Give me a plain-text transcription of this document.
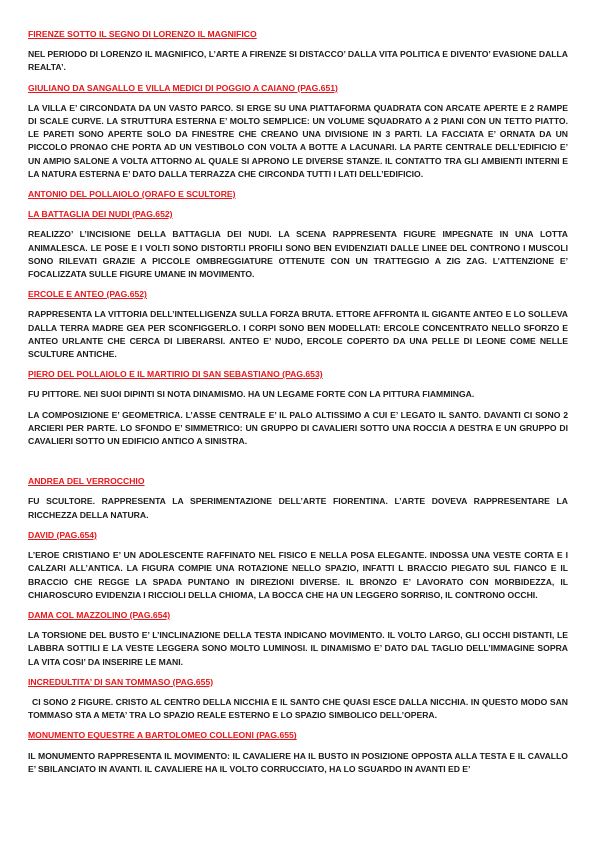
FIRENZE SOTTO IL SEGNO DI LORENZO IL MAGNIFICO
NEL PERIODO DI LORENZO IL MAGNIFICO, L’ARTE A FIRENZE SI DISTACCO’ DALLA VITA POLITICA E DIVENTO’ EVASIONE DALLA REALTA’.
GIULIANO DA SANGALLO E VILLA MEDICI DI POGGIO A CAIANO (PAG.651)
LA VILLA E’ CIRCONDATA DA UN VASTO PARCO. SI ERGE SU UNA PIATTAFORMA QUADRATA CON ARCATE APERTE E 2 RAMPE DI SCALE CURVE. LA STRUTTURA ESTERNA E’ MOLTO SEMPLICE: UN VOLUME SQUADRATO A 2 PIANI CON UN TETTO PIATTO. LE PARETI SONO APERTE SOLO DA FINESTRE CHE CREANO UNA DIVISIONE IN 3 PARTI. LA FACCIATA E’ ORNATA DA UN PICCOLO PRONAO CHE PORTA AD UN VESTIBOLO CON VOLTA A BOTTE A LACUNARI. LA PARTE CENTRALE DELL’EDIFICIO E’ UN AMPIO SALONE A VOLTA ATTORNO AL QUALE SI APRONO LE DIVERSE STANZE. IL CONTATTO TRA GLI AMBIENTI INTERNI E LA NATURA ESTERNA E’ DATO DALLA TERRAZZA CHE CIRCONDA TUTTI I LATI DELL’EDIFICIO.
ANTONIO DEL POLLAIOLO (ORAFO E SCULTORE)
LA BATTAGLIA DEI NUDI (PAG.652)
REALIZZO’ L’INCISIONE DELLA BATTAGLIA DEI NUDI. LA SCENA RAPPRESENTA FIGURE IMPEGNATE IN UNA LOTTA ANIMALESCA. LE POSE E I VOLTI SONO DISTORTI.I PROFILI SONO BEN EVIDENZIATI DALLE LINEE DEL CONTRONO I MUSCOLI SONO RILEVATI GRAZIE A PICCOLE OMBREGGIATURE OTTENUTE CON UN TRATTEGGIO A ZIG ZAG. L’ATTENZIONE E’ FOCALIZZATA SULLE FIGURE UMANE IN MOVIMENTO.
ERCOLE E ANTEO (PAG.652)
RAPPRESENTA LA VITTORIA DELL’INTELLIGENZA SULLA FORZA BRUTA. ETTORE AFFRONTA IL GIGANTE ANTEO E LO SOLLEVA DALLA TERRA MADRE GEA PER SCONFIGGERLO. I CORPI SONO BEN MODELLATI: ERCOLE CONCENTRATO NELLO SFORZO E ANTEO URLANTE CHE CERCA DI LIBERARSI. ANTEO E’ NUDO, ERCOLE COPERTO DA UNA PELLE DI LEONE COME NELLE SCULTURE ANTICHE.
PIERO DEL POLLAIOLO E IL MARTIRIO DI SAN SEBASTIANO (PAG.653)
FU PITTORE. NEI SUOI DIPINTI SI NOTA DINAMISMO. HA UN LEGAME FORTE CON LA PITTURA FIAMMINGA.
LA COMPOSIZIONE E’ GEOMETRICA. L’ASSE CENTRALE E’ IL PALO ALTISSIMO A CUI E’ LEGATO IL SANTO. DAVANTI CI SONO 2 ARCIERI PER PARTE. LO SFONDO E’ SIMMETRICO: UN GRUPPO DI CAVALIERI SOTTO UNA ROCCIA A DESTRA E UN GRUPPO DI CAVALIERI SOTTO UN EDIFICIO ANTICO A SINISTRA.
ANDREA DEL VERROCCHIO
FU SCULTORE. RAPPRESENTA LA SPERIMENTAZIONE DELL’ARTE FIORENTINA. L’ARTE DOVEVA RAPPRESENTARE LA RICCHEZZA DELLA NATURA.
DAVID (PAG.654)
L’EROE CRISTIANO E’ UN ADOLESCENTE RAFFINATO NEL FISICO E NELLA POSA ELEGANTE. INDOSSA UNA VESTE CORTA E I CALZARI ALL’ANTICA. LA FIGURA COMPIE UNA ROTAZIONE NELLO SPAZIO, INFATTI L BRACCIO PIEGATO SUL FIANCO E IL BRACCIO CHE REGGE LA SPADA PUNTANO IN DIREZIONI DIVERSE. IL BRONZO E’ LAVORATO CON MORBIDEZZA, IL CHIAROSCURO EVIDENZIA I RICCIOLI DELLA CHIOMA, LA BOCCA CHE HA UN LEGGERO SORRISO, IL CONTRONO OCCHI.
DAMA COL MAZZOLINO (PAG.654)
LA TORSIONE DEL BUSTO E’ L’INCLINAZIONE DELLA TESTA INDICANO MOVIMENTO. IL VOLTO LARGO, GLI OCCHI DISTANTI, LE LABBRA SOTTILI E LA VESTE LEGGERA SONO MOLTO LUMINOSI. IL DINAMISMO E’ DATO DAL TAGLIO DELL’IMMAGINE SOPRA LA VITA COSI’ DA INSERIRE LE MANI.
INCREDULTITA’ DI SAN TOMMASO (PAG.655)
CI SONO 2 FIGURE. CRISTO AL CENTRO DELLA NICCHIA E IL SANTO CHE QUASI ESCE DALLA NICCHIA. IN QUESTO MODO SAN TOMMASO STA A META’ TRA LO SPAZIO REALE ESTERNO E LO SPAZIO SIMBOLICO DELL’OPERA.
MONUMENTO EQUESTRE A BARTOLOMEO COLLEONI (PAG.655)
IL MONUMENTO RAPPRESENTA IL MOVIMENTO: IL CAVALIERE HA IL BUSTO IN POSIZIONE OPPOSTA ALLA TESTA E IL CAVALLO E’ SBILANCIATO IN AVANTI. IL CAVALIERE HA IL VOLTO CORRUCCIATO, HA LO SGUARDO IN AVANTI ED E’
